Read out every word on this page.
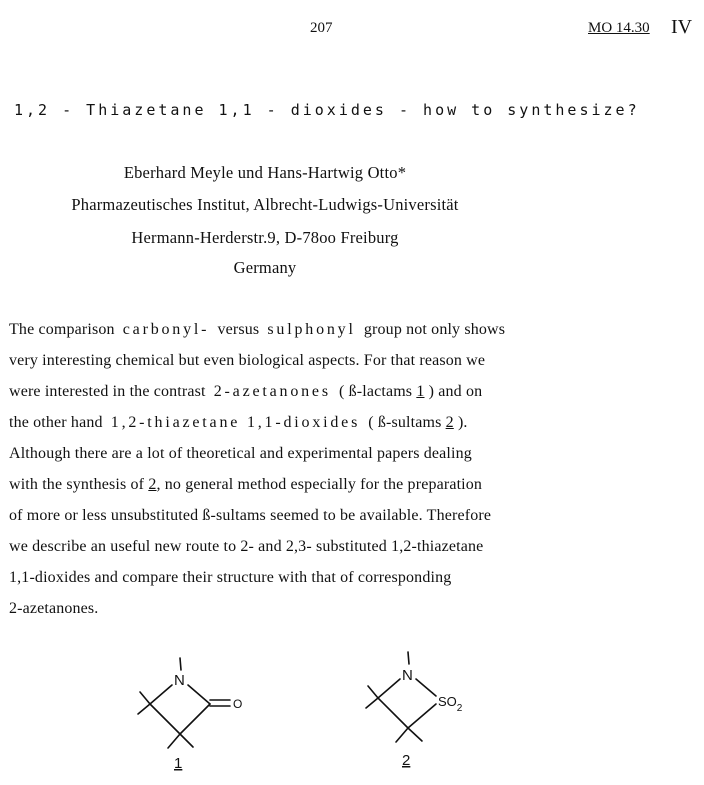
207	MO 14.30 IV
1,2 - Thiazetane 1,1 - dioxides - how to synthesize?
Eberhard Meyle und Hans-Hartwig Otto*
Pharmazeutisches Institut, Albrecht-Ludwigs-Universität
Hermann-Herderstr.9, D-78oo Freiburg
Germany
The comparison carbonyl- versus sulphonyl group not only shows
very interesting chemical but even biological aspects. For that reason we
were interested in the contrast 2-azetanones ( ß-lactams 1 ) and on
the other hand 1,2-thiazetane 1,1-dioxides ( ß-sultams 2 ).
Although there are a lot of theoretical and experimental papers dealing
with the synthesis of 2, no general method especially for the preparation
of more or less unsubstituted ß-sultams seemed to be available. Therefore
we describe an useful new route to 2- and 2,3- substituted 1,2-thiazetane
1,1-dioxides and compare their structure with that of corresponding
2-azetanones.
N
O
1
N
$SO_2$
2
